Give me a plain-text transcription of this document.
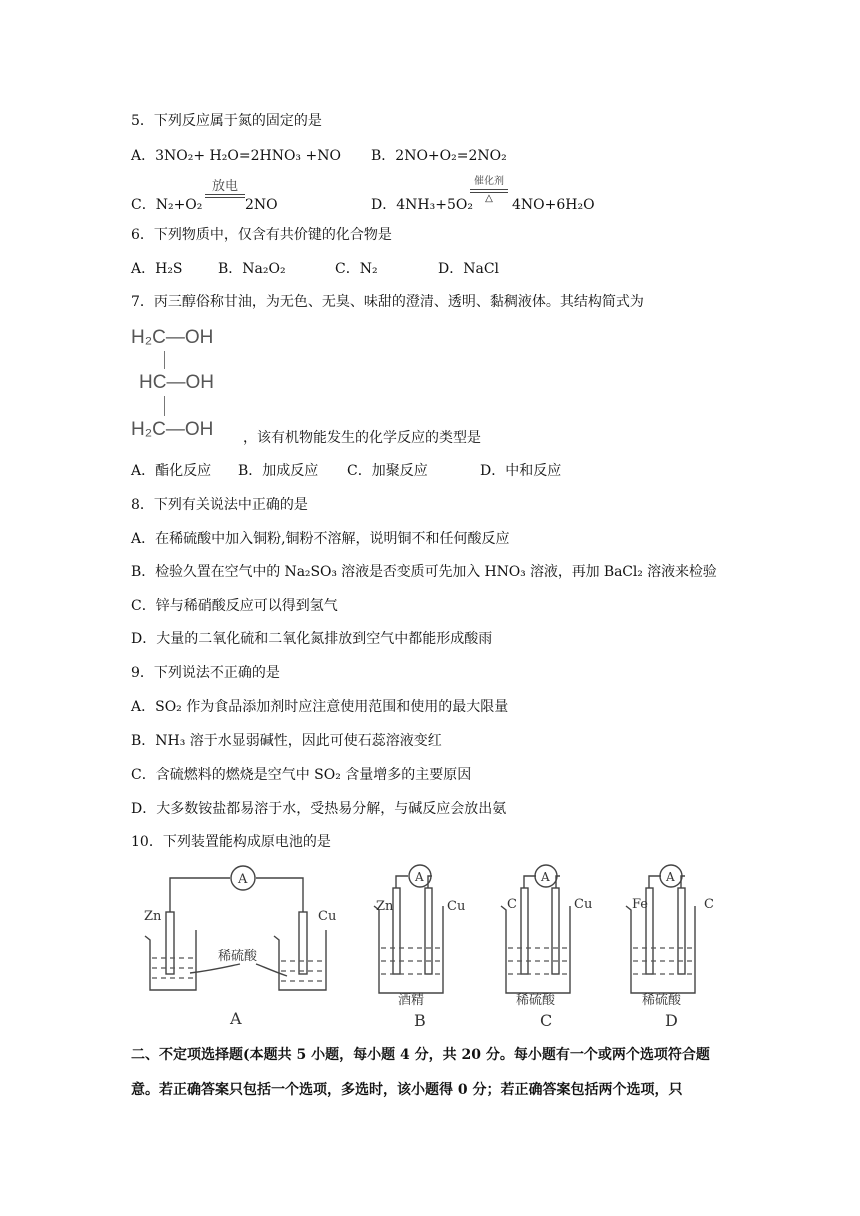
5．下列反应属于氮的固定的是
A．3NO₂+ H₂O=2HNO₃ +NO B．2NO+O₂=2NO₂
C．N₂+O₂
放电
2NO	D．4NH₃+5O₂
催化剂
△	4NO+6H₂O
6．下列物质中，仅含有共价键的化合物是
A．H₂S	B．Na₂O₂	C．N₂	D．NaCl
7．丙三醇俗称甘油，为无色、无臭、味甜的澄清、透明、黏稠液体。其结构简式为
H₂C—OH
HC—OH
H₂C—OH ，该有机物能发生的化学反应的类型是
A．酯化反应 B．加成反应 C．加聚反应	D．中和反应
8．下列有关说法中正确的是
A．在稀硫酸中加入铜粉,铜粉不溶解，说明铜不和任何酸反应
B．检验久置在空气中的 Na₂SO₃ 溶液是否变质可先加入 HNO₃ 溶液，再加 BaCl₂ 溶液来检验
C．锌与稀硝酸反应可以得到氢气
D．大量的二氧化硫和二氧化氮排放到空气中都能形成酸雨
9．下列说法不正确的是
A．SO₂ 作为食品添加剂时应注意使用范围和使用的最大限量
B．NH₃ 溶于水显弱碱性，因此可使石蕊溶液变红
C．含硫燃料的燃烧是空气中 SO₂ 含量增多的主要原因
D．大多数铵盐都易溶于水，受热易分解，与碱反应会放出氨
10．下列装置能构成原电池的是
A	A	A	A
Zn	Cu
稀硫酸
A
Zn	Cu
酒精
B
C	Cu
稀硫酸
C
Fe	C
稀硫酸
D
二、不定项选择题(本题共 5 小题，每小题 4 分，共 20 分。每小题有一个或两个选项符合题
意。若正确答案只包括一个选项，多选时，该小题得 0 分；若正确答案包括两个选项，只
